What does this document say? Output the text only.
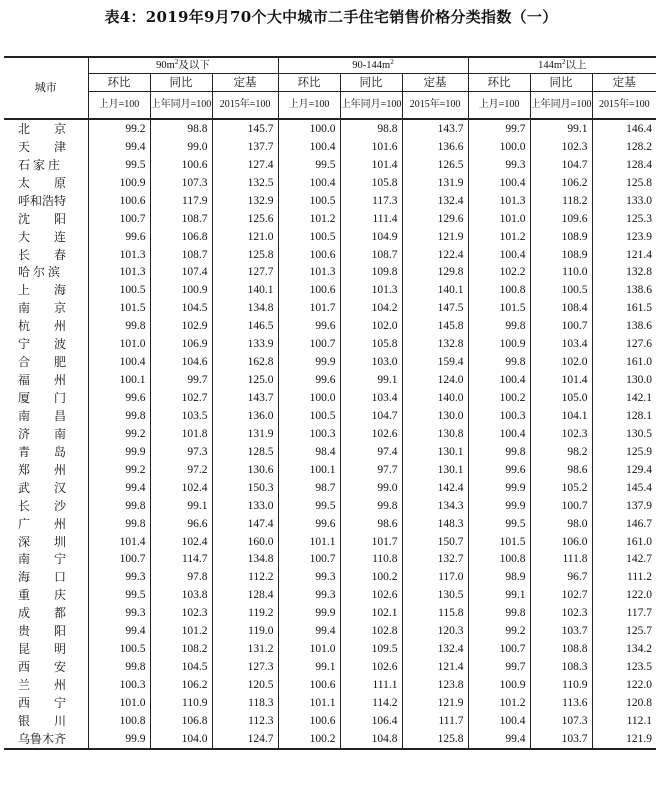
表4：2019年9月70个大中城市二手住宅销售价格分类指数（一）
城市	$90m^2$及以下			$90-144m^2$			$144m^2$以上		
	环比	同比	定基	环比	同比	定基	环比	同比	定基
	上月=100	上年同月=100	2015年=100	上月=100	上年同月=100	2015年=100	上月=100	上年同月=100	2015年=100
北　　京	99.2	98.8	145.7	100.0	98.8	143.7	99.7	99.1	146.4
天　　津	99.4	99.0	137.7	100.4	101.6	136.6	100.0	102.3	128.2
石 家 庄	99.5	100.6	127.4	99.5	101.4	126.5	99.3	104.7	128.4
太　　原	100.9	107.3	132.5	100.4	105.8	131.9	100.4	106.2	125.8
呼和浩特	100.6	117.9	132.9	100.5	117.3	132.4	101.3	118.2	133.0
沈　　阳	100.7	108.7	125.6	101.2	111.4	129.6	101.0	109.6	125.3
大　　连	99.6	106.8	121.0	100.5	104.9	121.9	101.2	108.9	123.9
长　　春	101.3	108.7	125.8	100.6	108.7	122.4	100.4	108.9	121.4
哈 尔 滨	101.3	107.4	127.7	101.3	109.8	129.8	102.2	110.0	132.8
上　　海	100.5	100.9	140.1	100.6	101.3	140.1	100.8	100.5	138.6
南　　京	101.5	104.5	134.8	101.7	104.2	147.5	101.5	108.4	161.5
杭　　州	99.8	102.9	146.5	99.6	102.0	145.8	99.8	100.7	138.6
宁　　波	101.0	106.9	133.9	100.7	105.8	132.8	100.9	103.4	127.6
合　　肥	100.4	104.6	162.8	99.9	103.0	159.4	99.8	102.0	161.0
福　　州	100.1	99.7	125.0	99.6	99.1	124.0	100.4	101.4	130.0
厦　　门	99.6	102.7	143.7	100.0	103.4	140.0	100.2	105.0	142.1
南　　昌	99.8	103.5	136.0	100.5	104.7	130.0	100.3	104.1	128.1
济　　南	99.2	101.8	131.9	100.3	102.6	130.8	100.4	102.3	130.5
青　　岛	99.9	97.3	128.5	98.4	97.4	130.1	99.8	98.2	125.9
郑　　州	99.2	97.2	130.6	100.1	97.7	130.1	99.6	98.6	129.4
武　　汉	99.4	102.4	150.3	98.7	99.0	142.4	99.9	105.2	145.4
长　　沙	99.8	99.1	133.0	99.5	99.8	134.3	99.9	100.7	137.9
广　　州	99.8	96.6	147.4	99.6	98.6	148.3	99.5	98.0	146.7
深　　圳	101.4	102.4	160.0	101.1	101.7	150.7	101.5	106.0	161.0
南　　宁	100.7	114.7	134.8	100.7	110.8	132.7	100.8	111.8	142.7
海　　口	99.3	97.8	112.2	99.3	100.2	117.0	98.9	96.7	111.2
重　　庆	99.5	103.8	128.4	99.3	102.6	130.5	99.1	102.7	122.0
成　　都	99.3	102.3	119.2	99.9	102.1	115.8	99.8	102.3	117.7
贵　　阳	99.4	101.2	119.0	99.4	102.8	120.3	99.2	103.7	125.7
昆　　明	100.5	108.2	131.2	101.0	109.5	132.4	100.7	108.8	134.2
西　　安	99.8	104.5	127.3	99.1	102.6	121.4	99.7	108.3	123.5
兰　　州	100.3	106.2	120.5	100.6	111.1	123.8	100.9	110.9	122.0
西　　宁	101.0	110.9	118.3	101.1	114.2	121.9	101.2	113.6	120.8
银　　川	100.8	106.8	112.3	100.6	106.4	111.7	100.4	107.3	112.1
乌鲁木齐	99.9	104.0	124.7	100.2	104.8	125.8	99.4	103.7	121.9
